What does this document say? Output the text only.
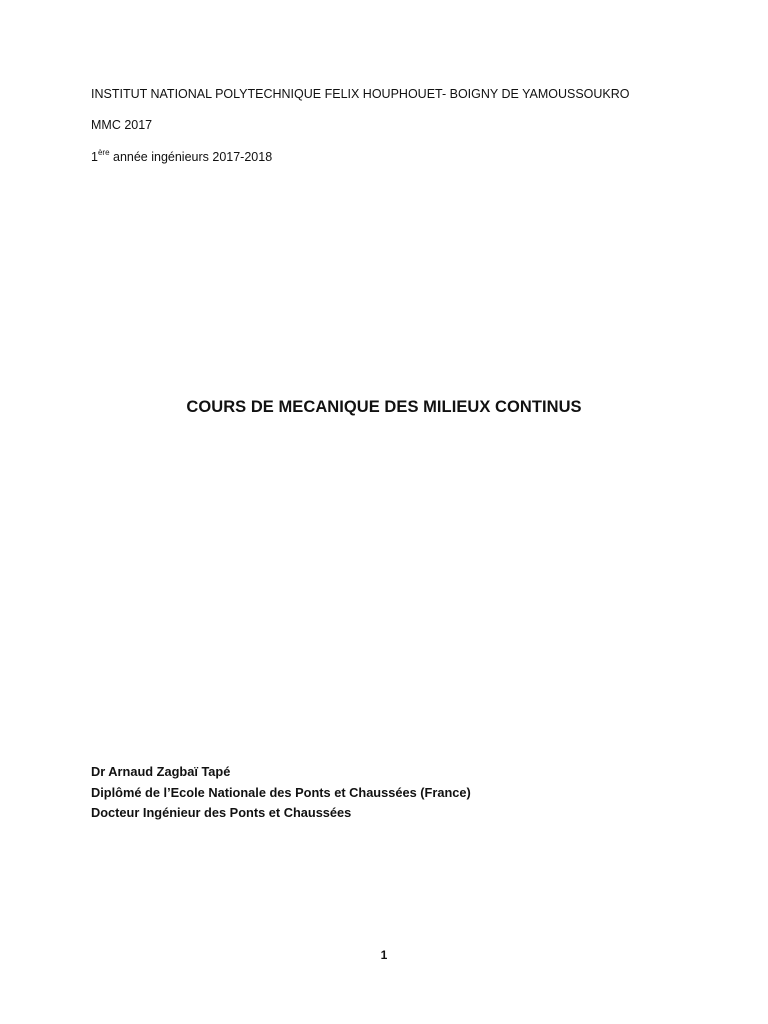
INSTITUT NATIONAL POLYTECHNIQUE FELIX HOUPHOUET- BOIGNY DE YAMOUSSOUKRO
MMC 2017
1ère année ingénieurs 2017-2018
COURS DE MECANIQUE DES MILIEUX CONTINUS
Dr Arnaud Zagbaï Tapé
Diplômé de l’Ecole Nationale des Ponts et Chaussées (France)
Docteur Ingénieur des Ponts et Chaussées
1
